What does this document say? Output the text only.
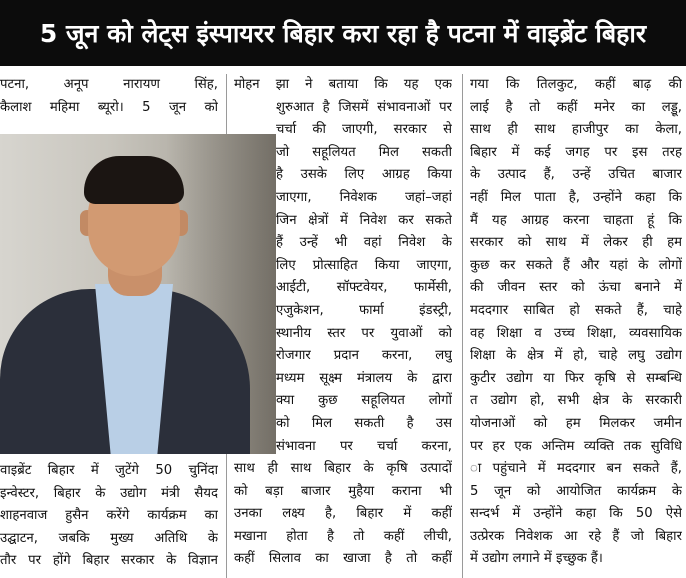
5 जून को लेट्स इंस्पायरर बिहार करा रहा है पटना में वाइब्रेंट बिहार
पटना, अनूप नारायण सिंह,
कैलाश महिमा ब्यूरो। 5 जून को
वाइब्रेंट बिहार में जुटेंगे 50 चुनिंदा
इन्वेस्टर, बिहार के उद्योग मंत्री सैयद
शाहनवाज हुसैन करेंगे कार्यक्रम का
उद्घाटन, जबकि मुख्य अतिथि के
तौर पर होंगे बिहार सरकार के विज्ञान
मोहन झा ने बताया कि यह एक
शुरुआत है जिसमें संभावनाओं पर
चर्चा की जाएगी, सरकार से
जो सहूलियत मिल सकती
है उसके लिए आग्रह किया
जाएगा, निवेशक जहां–जहां
जिन क्षेत्रों में निवेश कर सकते
हैं उन्हें भी वहां निवेश के
लिए प्रोत्साहित किया जाएगा,
आईटी, सॉफ्टवेयर, फार्मेसी,
एजुकेशन, फार्मा इंडस्ट्री,
स्थानीय स्तर पर युवाओं को
रोजगार प्रदान करना, लघु
मध्यम सूक्ष्म मंत्रालय के द्वारा
क्या कुछ सहूलियत लोगों
को मिल सकती है उस
संभावना पर चर्चा करना,
साथ ही साथ बिहार के कृषि उत्पादों
को बड़ा बाजार मुहैया कराना भी
उनका लक्ष्य है, बिहार में कहीं
मखाना होता है तो कहीं लीची,
कहीं सिलाव का खाजा है तो कहीं
गया कि तिलकुट, कहीं बाढ़ की
लाई है तो कहीं मनेर का लड्डू,
साथ ही साथ हाजीपुर का केला,
बिहार में कई जगह पर इस तरह
के उत्पाद हैं, उन्हें उचित बाजार
नहीं मिल पाता है, उन्होंने कहा कि
मैं यह आग्रह करना चाहता हूं कि
सरकार को साथ में लेकर ही हम
कुछ कर सकते हैं और यहां के लोगों
की जीवन स्तर को ऊंचा बनाने में
मददगार साबित हो सकते हैं, चाहे
वह शिक्षा व उच्च शिक्षा, व्यवसायिक
शिक्षा के क्षेत्र में हो, चाहे लघु उद्योग
कुटीर उद्योग या फिर कृषि से सम्बन्धि
त उद्योग हो, सभी क्षेत्र के सरकारी
योजनाओं को हम मिलकर जमीन
पर हर एक अन्तिम व्यक्ति तक सुविधि
ा पहुंचाने में मददगार बन सकते हैं,
5 जून को आयोजित कार्यक्रम के
सन्दर्भ में उन्होंने कहा कि 50 ऐसे
उत्प्रेरक निवेशक आ रहे हैं जो बिहार
में उद्योग लगाने में इच्छुक हैं।
